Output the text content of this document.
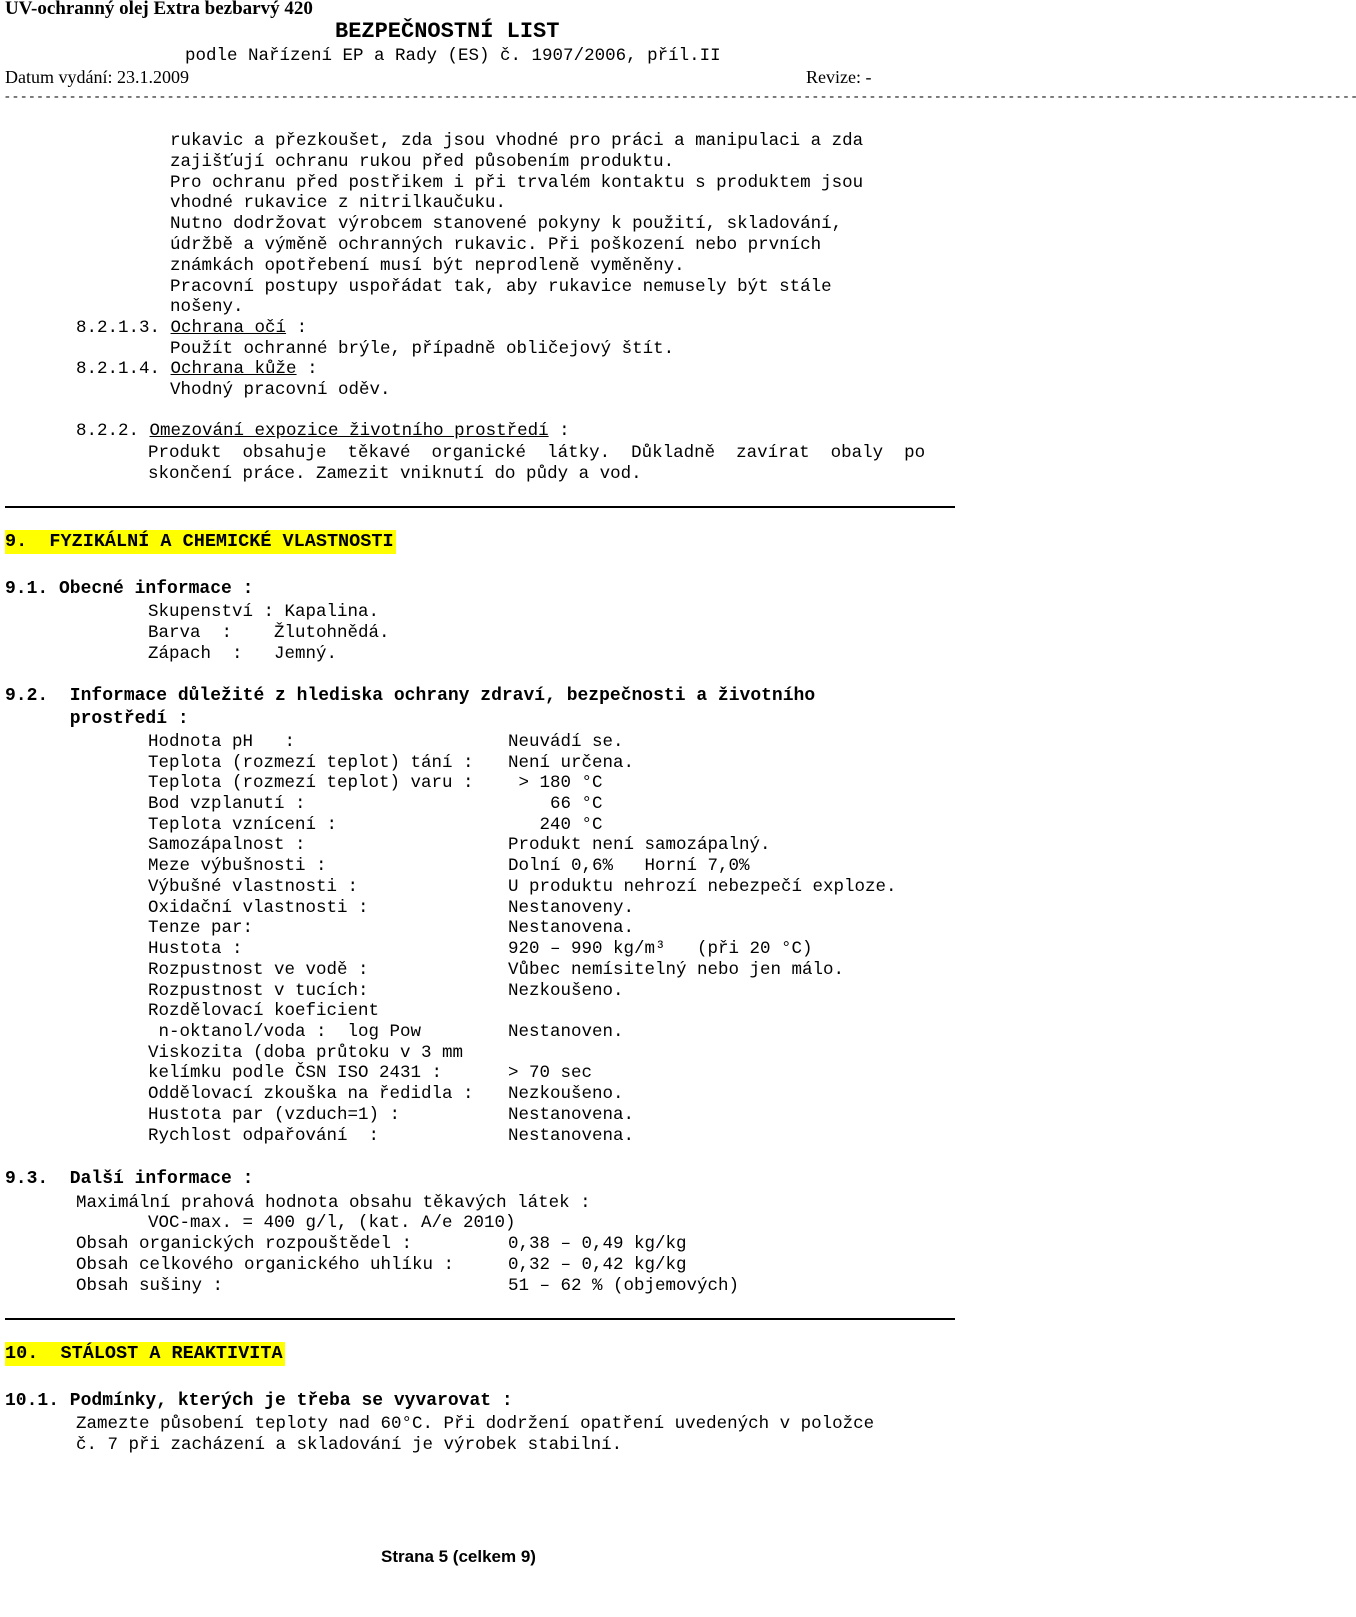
UV-ochranný olej Extra bezbarvý 420
BEZPEČNOSTNÍ LIST
podle Nařízení EP a Rady (ES) č. 1907/2006, příl.II
Datum vydání: 23.1.2009	Revize: -
- - - - - - - - - - - - - - - - - - - - - - - - - - - - - - - - - - - - - - - - - - - - - - - - - - - - - - - - - - - - - - - - - - - - - - - - - - - - - - - - - - - - - - - - - - - - - - - - - - - - - - - - - - - - - - - - - - - - - - - - - - - - - - - - - - - - - - - - - - - - - - - - - - - - - - - - - - - - - - - - - - - - - -
rukavic a přezkoušet, zda jsou vhodné pro práci a manipulaci a zda
zajišťují ochranu rukou před působením produktu.
Pro ochranu před postřikem i při trvalém kontaktu s produktem jsou
vhodné rukavice z nitrilkaučuku.
Nutno dodržovat výrobcem stanovené pokyny k použití, skladování,
údržbě a výměně ochranných rukavic. Při poškození nebo prvních
známkách opotřebení musí být neprodleně vyměněny.
Pracovní postupy uspořádat tak, aby rukavice nemusely být stále
nošeny.
8.2.1.3. Ochrana očí :
Použít ochranné brýle, případně obličejový štít.
8.2.1.4. Ochrana kůže :
Vhodný pracovní oděv.
8.2.2. Omezování expozice životního prostředí :
Produkt  obsahuje  těkavé  organické  látky.  Důkladně  zavírat  obaly  po
skončení práce. Zamezit vniknutí do půdy a vod.
9.  FYZIKÁLNÍ A CHEMICKÉ VLASTNOSTI
9.1. Obecné informace :
Skupenství : Kapalina.
Barva  :    Žlutohnědá.
Zápach  :   Jemný.
9.2.  Informace důležité z hlediska ochrany zdraví, bezpečnosti a životního
prostředí :
Hodnota pH   :	Neuvádí se.
Teplota (rozmezí teplot) tání : Není určena.
Teplota (rozmezí teplot) varu : > 180 °C
Bod vzplanutí :	66 °C
Teplota vznícení :	240 °C
Samozápalnost :	Produkt není samozápalný.
Meze výbušnosti :	Dolní 0,6%   Horní 7,0%
Výbušné vlastnosti :	U produktu nehrozí nebezpečí exploze.
Oxidační vlastnosti :	Nestanoveny.
Tenze par:	Nestanovena.
Hustota :	920 – 990 kg/m³   (při 20 °C)
Rozpustnost ve vodě :	Vůbec nemísitelný nebo jen málo.
Rozpustnost v tucích:	Nezkoušeno.
Rozdělovací koeficient
n-oktanol/voda :  log Pow	Nestanoven.
Viskozita (doba průtoku v 3 mm
kelímku podle ČSN ISO 2431 :	> 70 sec
Oddělovací zkouška na ředidla : Nezkoušeno.
Hustota par (vzduch=1) :	Nestanovena.
Rychlost odpařování  :	Nestanovena.
9.3.  Další informace :
Maximální prahová hodnota obsahu těkavých látek :
VOC-max. = 400 g/l, (kat. A/e 2010)
Obsah organických rozpouštědel :	0,38 – 0,49 kg/kg
Obsah celkového organického uhlíku :	0,32 – 0,42 kg/kg
Obsah sušiny :	51 – 62 % (objemových)
10.  STÁLOST A REAKTIVITA
10.1. Podmínky, kterých je třeba se vyvarovat :
Zamezte působení teploty nad 60°C. Při dodržení opatření uvedených v položce
č. 7 při zacházení a skladování je výrobek stabilní.
Strana 5 (celkem 9)
